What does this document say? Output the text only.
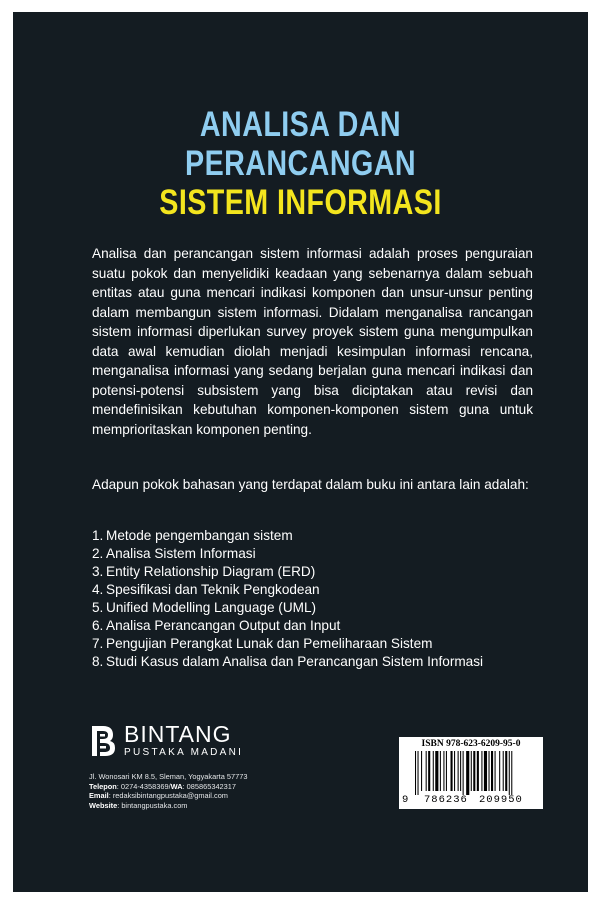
ANALISA DAN
PERANCANGAN
SISTEM INFORMASI

Analisa dan perancangan sistem informasi adalah proses penguraian suatu pokok dan menyelidiki keadaan yang sebenarnya dalam sebuah entitas atau guna mencari indikasi komponen dan unsur-unsur penting dalam membangun sistem informasi. Didalam menganalisa rancangan sistem informasi diperlukan survey proyek sistem guna mengumpulkan data awal kemudian diolah menjadi kesimpulan informasi rencana, menganalisa informasi yang sedang berjalan guna mencari indikasi dan potensi-potensi subsistem yang bisa diciptakan atau revisi dan mendefinisikan kebutuhan komponen-komponen sistem guna untuk memprioritaskan komponen penting.

Adapun pokok bahasan yang terdapat dalam buku ini antara lain adalah:

1. Metode pengembangan sistem
2. Analisa Sistem Informasi
3. Entity Relationship Diagram (ERD)
4. Spesifikasi dan Teknik Pengkodean
5. Unified Modelling Language (UML)
6. Analisa Perancangan Output dan Input
7. Pengujian Perangkat Lunak dan Pemeliharaan Sistem
8. Studi Kasus dalam Analisa dan Perancangan Sistem Informasi
BINTANG
PUSTAKA MADANI
Jl. Wonosari KM 8.5, Sleman, Yogyakarta 57773
Telepon: 0274-4358369/WA: 085865342317
Email: redaksibintangpustaka@gmail.com
Website: bintangpustaka.com
ISBN 978-623-6209-95-0
9 786236 209950
